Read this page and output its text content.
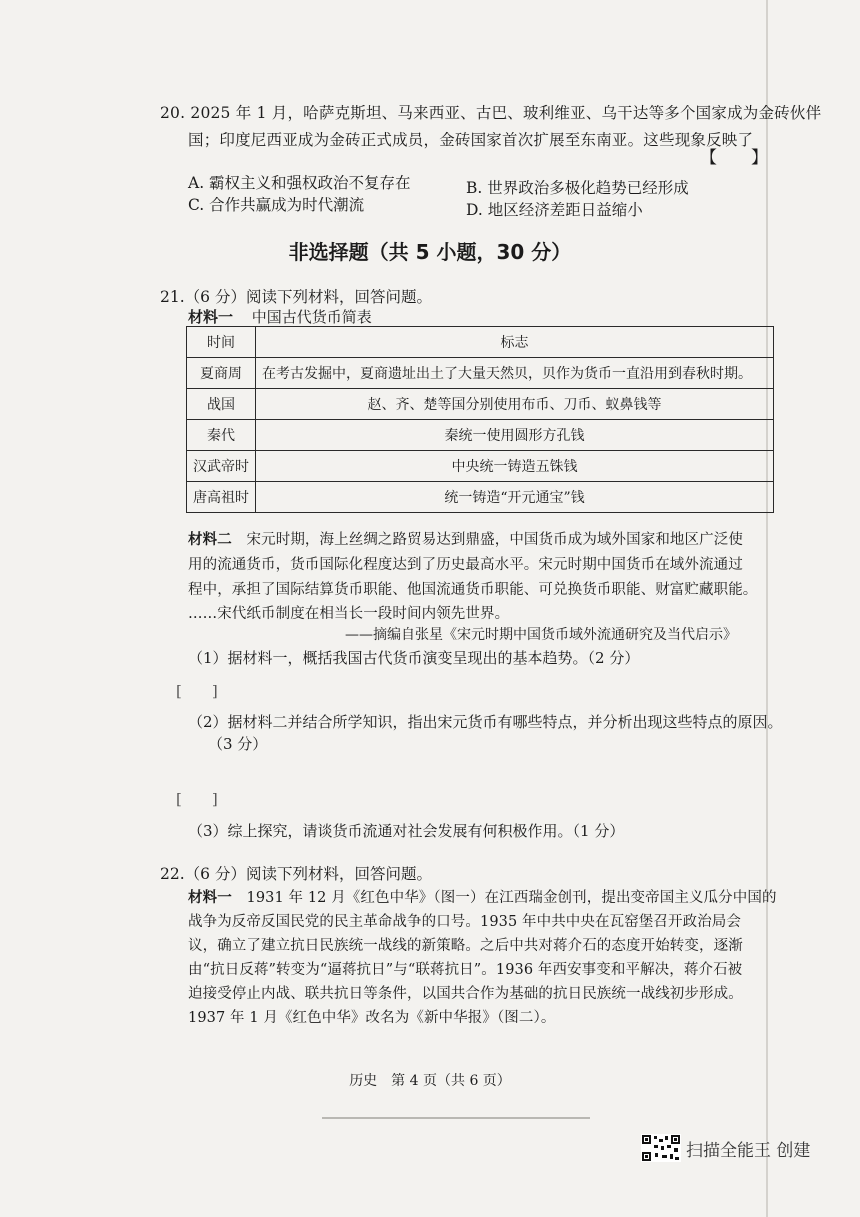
20. 2025 年 1 月，哈萨克斯坦、马来西亚、古巴、玻利维亚、乌干达等多个国家成为金砖伙伴
国；印度尼西亚成为金砖正式成员，金砖国家首次扩展至东南亚。这些现象反映了
【　　】
A. 霸权主义和强权政治不复存在	B. 世界政治多极化趋势已经形成
C. 合作共赢成为时代潮流	D. 地区经济差距日益缩小
非选择题（共 5 小题，30 分）
21.（6 分）阅读下列材料，回答问题。
材料一 中国古代货币简表
时间	标志
夏商周	在考古发掘中，夏商遗址出土了大量天然贝，贝作为货币一直沿用到春秋时期。
战国	赵、齐、楚等国分别使用布币、刀币、蚁鼻钱等
秦代	秦统一使用圆形方孔钱
汉武帝时	中央统一铸造五铢钱
唐高祖时	统一铸造“开元通宝”钱
材料二 宋元时期，海上丝绸之路贸易达到鼎盛，中国货币成为域外国家和地区广泛使
用的流通货币，货币国际化程度达到了历史最高水平。宋元时期中国货币在域外流通过
程中，承担了国际结算货币职能、他国流通货币职能、可兑换货币职能、财富贮藏职能。
……宋代纸币制度在相当长一段时间内领先世界。
——摘编自张星《宋元时期中国货币域外流通研究及当代启示》
（1）据材料一，概括我国古代货币演变呈现出的基本趋势。（2 分）
[　　]
（2）据材料二并结合所学知识，指出宋元货币有哪些特点，并分析出现这些特点的原因。
（3 分）
[　　]
（3）综上探究，请谈货币流通对社会发展有何积极作用。（1 分）
22.（6 分）阅读下列材料，回答问题。
材料一 1931 年 12 月《红色中华》（图一）在江西瑞金创刊，提出变帝国主义瓜分中国的
战争为反帝反国民党的民主革命战争的口号。1935 年中共中央在瓦窑堡召开政治局会
议，确立了建立抗日民族统一战线的新策略。之后中共对蒋介石的态度开始转变，逐渐
由“抗日反蒋”转变为“逼蒋抗日”与“联蒋抗日”。1936 年西安事变和平解决，蒋介石被
迫接受停止内战、联共抗日等条件，以国共合作为基础的抗日民族统一战线初步形成。
1937 年 1 月《红色中华》改名为《新中华报》（图二）。
历史　第 4 页（共 6 页）
扫描全能王 创建
